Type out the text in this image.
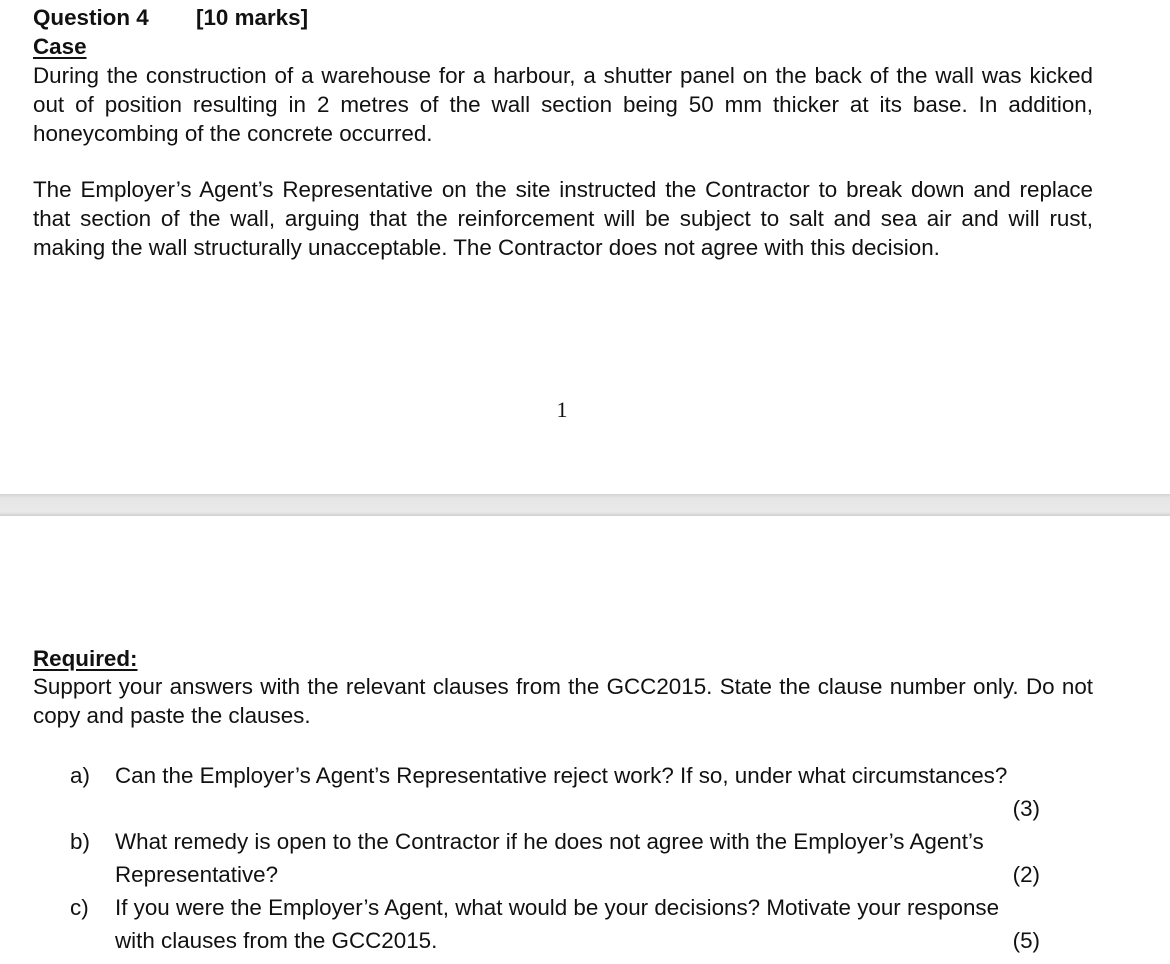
Question 4 [10 marks]
Case
During the construction of a warehouse for a harbour, a shutter panel on the back of the wall was kicked out of position resulting in 2 metres of the wall section being 50 mm thicker at its base. In addition, honeycombing of the concrete occurred.
The Employer’s Agent’s Representative on the site instructed the Contractor to break down and replace that section of the wall, arguing that the reinforcement will be subject to salt and sea air and will rust, making the wall structurally unacceptable. The Contractor does not agree with this decision.
1
Required:
Support your answers with the relevant clauses from the GCC2015. State the clause number only. Do not copy and paste the clauses.
a) Can the Employer’s Agent’s Representative reject work? If so, under what circumstances?
(3)
b) What remedy is open to the Contractor if he does not agree with the Employer’s Agent’s
Representative?	(2)
c) If you were the Employer’s Agent, what would be your decisions? Motivate your response
with clauses from the GCC2015.	(5)
